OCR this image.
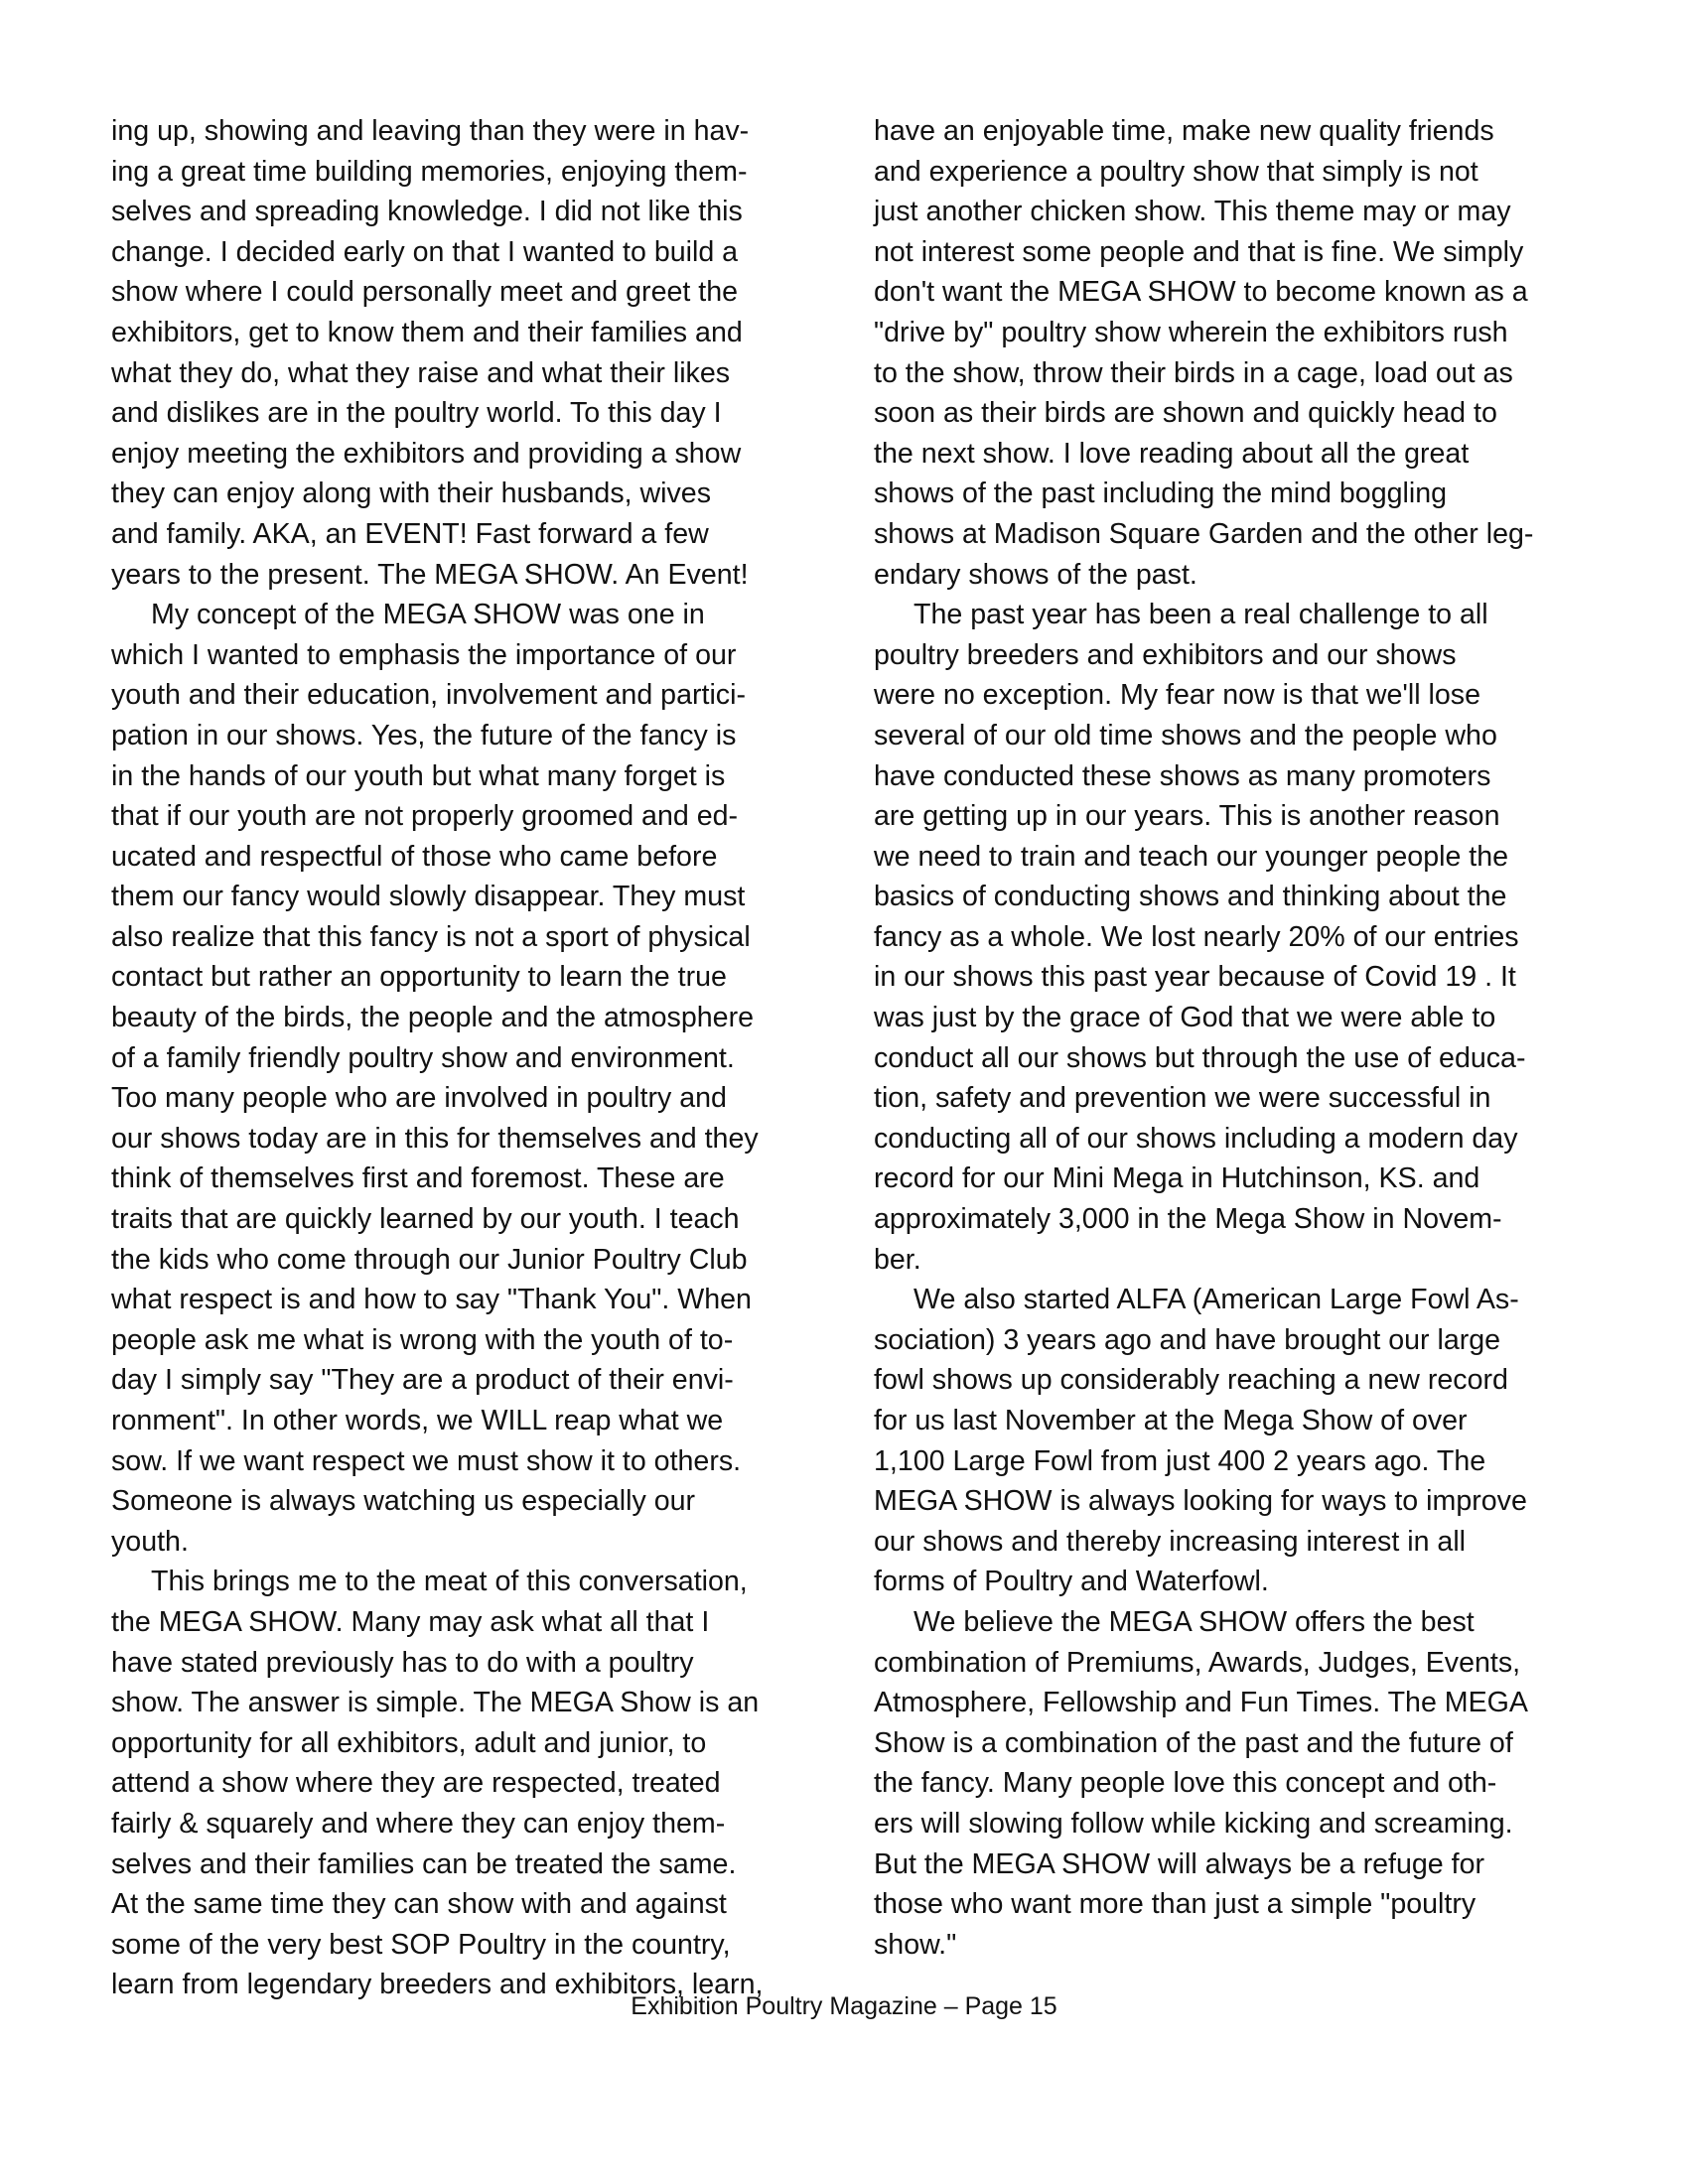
ing up, showing and leaving than they were in hav-
ing a great time building memories, enjoying them-
selves and spreading knowledge. I did not like this
change. I decided early on that I wanted to build a
show where I could personally meet and greet the
exhibitors, get to know them and their families and
what they do, what they raise and what their likes
and dislikes are in the poultry world. To this day I
enjoy meeting the exhibitors and providing a show
they can enjoy along with their husbands, wives
and family. AKA, an EVENT! Fast forward a few
years to the present. The MEGA SHOW. An Event!

My concept of the MEGA SHOW was one in
which I wanted to emphasis the importance of our
youth and their education, involvement and partici-
pation in our shows. Yes, the future of the fancy is
in the hands of our youth but what many forget is
that if our youth are not properly groomed and ed-
ucated and respectful of those who came before
them our fancy would slowly disappear. They must
also realize that this fancy is not a sport of physical
contact but rather an opportunity to learn the true
beauty of the birds, the people and the atmosphere
of a family friendly poultry show and environment.
Too many people who are involved in poultry and
our shows today are in this for themselves and they
think of themselves first and foremost. These are
traits that are quickly learned by our youth. I teach
the kids who come through our Junior Poultry Club
what respect is and how to say "Thank You". When
people ask me what is wrong with the youth of to-
day I simply say "They are a product of their envi-
ronment". In other words, we WILL reap what we
sow. If we want respect we must show it to others.
Someone is always watching us especially our
youth.

This brings me to the meat of this conversation,
the MEGA SHOW. Many may ask what all that I
have stated previously has to do with a poultry
show. The answer is simple. The MEGA Show is an
opportunity for all exhibitors, adult and junior, to
attend a show where they are respected, treated
fairly & squarely and where they can enjoy them-
selves and their families can be treated the same.
At the same time they can show with and against
some of the very best SOP Poultry in the country,
learn from legendary breeders and exhibitors, learn,

have an enjoyable time, make new quality friends
and experience a poultry show that simply is not
just another chicken show. This theme may or may
not interest some people and that is fine. We simply
don't want the MEGA SHOW to become known as a
"drive by" poultry show wherein the exhibitors rush
to the show, throw their birds in a cage, load out as
soon as their birds are shown and quickly head to
the next show. I love reading about all the great
shows of the past including the mind boggling
shows at Madison Square Garden and the other leg-
endary shows of the past.

The past year has been a real challenge to all
poultry breeders and exhibitors and our shows
were no exception. My fear now is that we'll lose
several of our old time shows and the people who
have conducted these shows as many promoters
are getting up in our years. This is another reason
we need to train and teach our younger people the
basics of conducting shows and thinking about the
fancy as a whole. We lost nearly 20% of our entries
in our shows this past year because of Covid 19 . It
was just by the grace of God that we were able to
conduct all our shows but through the use of educa-
tion, safety and prevention we were successful in
conducting all of our shows including a modern day
record for our Mini Mega in Hutchinson, KS. and
approximately 3,000 in the Mega Show in Novem-
ber.

We also started ALFA (American Large Fowl As-
sociation) 3 years ago and have brought our large
fowl shows up considerably reaching a new record
for us last November at the Mega Show of over
1,100 Large Fowl from just 400 2 years ago. The
MEGA SHOW is always looking for ways to improve
our shows and thereby increasing interest in all
forms of Poultry and Waterfowl.

We believe the MEGA SHOW offers the best
combination of Premiums, Awards, Judges, Events,
Atmosphere, Fellowship and Fun Times. The MEGA
Show is a combination of the past and the future of
the fancy. Many people love this concept and oth-
ers will slowing follow while kicking and screaming.
But the MEGA SHOW will always be a refuge for
those who want more than just a simple "poultry
show."

Exhibition Poultry Magazine – Page 15
